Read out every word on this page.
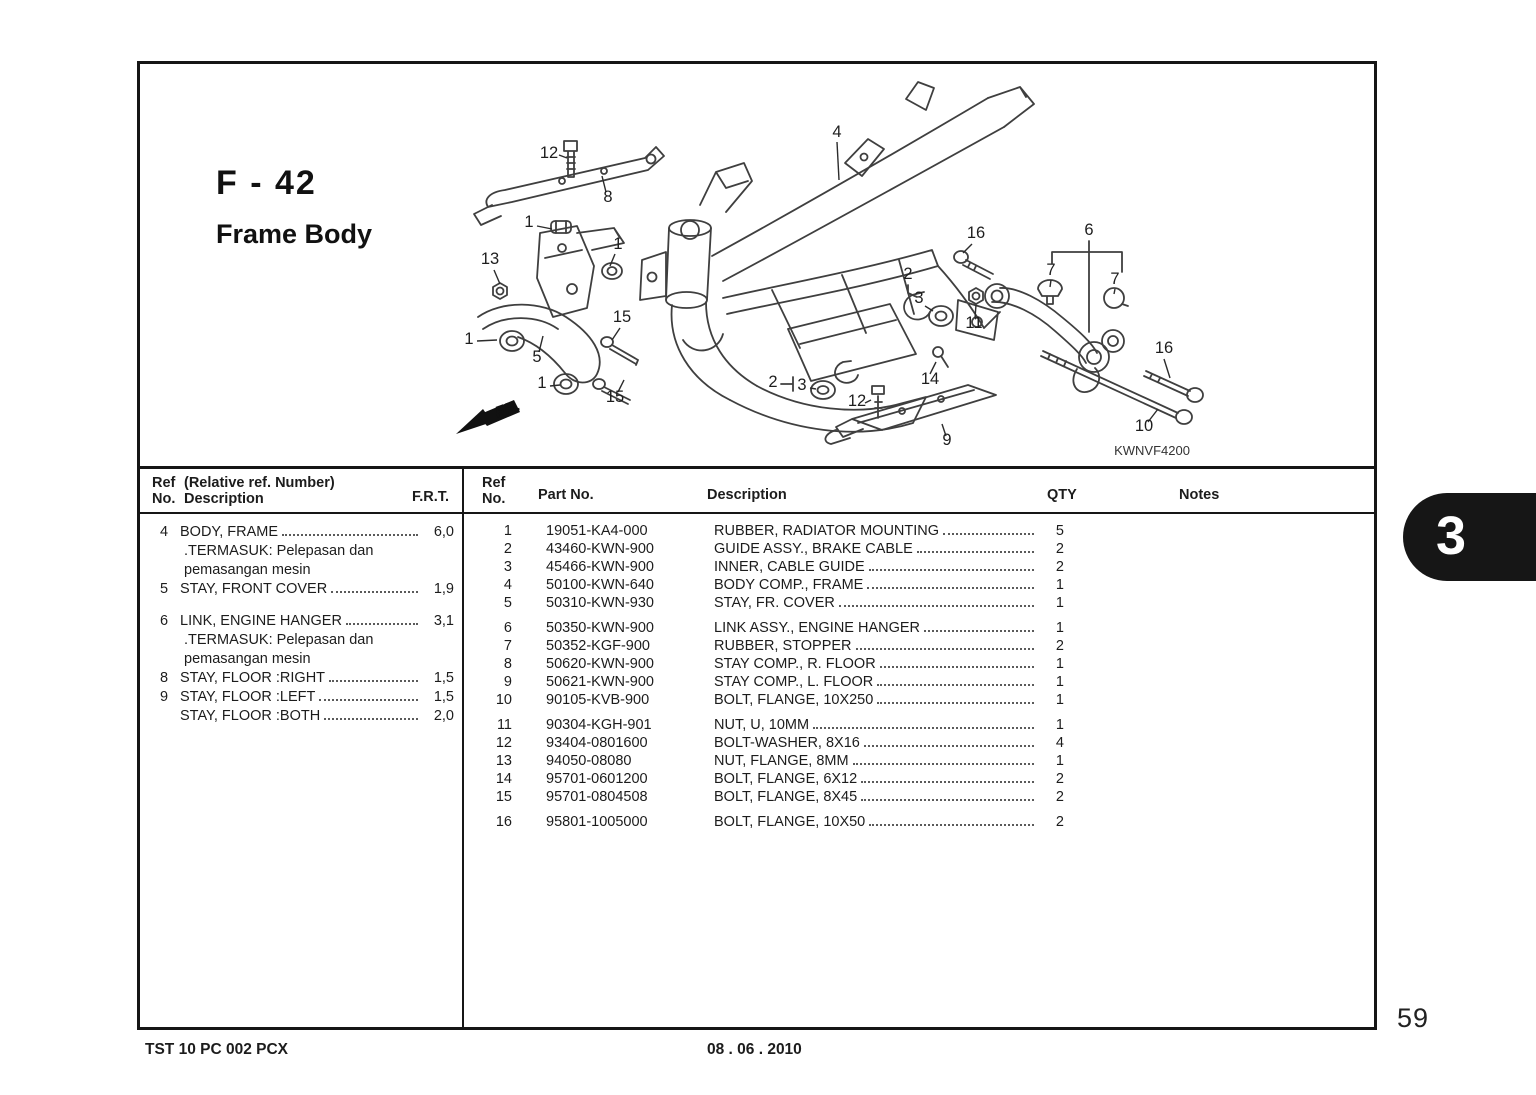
F - 42
Frame Body
FR.
KWNVF4200
12
8
1
1
13
15
1
5
1
15
4
16	6
7	7
11
2
3
2 3	14
12
9
16
10
Ref
No.
(Relative ref. Number)
Description	F.R.T.
Ref
No. Part No.	Description	QTY	Notes
4 BODY, FRAME	6,0
.TERMASUK: Pelepasan dan
pemasangan mesin
5 STAY, FRONT COVER	1,9
6 LINK, ENGINE HANGER	3,1
.TERMASUK: Pelepasan dan
pemasangan mesin
8 STAY, FLOOR :RIGHT	1,5
9 STAY, FLOOR :LEFT	1,5
STAY, FLOOR :BOTH	2,0
1 19051-KA4-000	RUBBER, RADIATOR MOUNTING	5
2 43460-KWN-900	GUIDE ASSY., BRAKE CABLE	2
3 45466-KWN-900	INNER, CABLE GUIDE	2
4 50100-KWN-640	BODY COMP., FRAME	1
5 50310-KWN-930	STAY, FR. COVER	1
6 50350-KWN-900	LINK ASSY., ENGINE HANGER	1
7 50352-KGF-900	RUBBER, STOPPER	2
8 50620-KWN-900	STAY COMP., R. FLOOR	1
9 50621-KWN-900	STAY COMP., L. FLOOR	1
10 90105-KVB-900	BOLT, FLANGE, 10X250	1
11 90304-KGH-901	NUT, U, 10MM	1
12 93404-0801600	BOLT-WASHER, 8X16	4
13 94050-08080	NUT, FLANGE, 8MM	1
14 95701-0601200	BOLT, FLANGE, 6X12	2
15 95701-0804508	BOLT, FLANGE, 8X45	2
16 95801-1005000	BOLT, FLANGE, 10X50	2
TST 10 PC 002 PCX	08 . 06 . 2010
59
3
